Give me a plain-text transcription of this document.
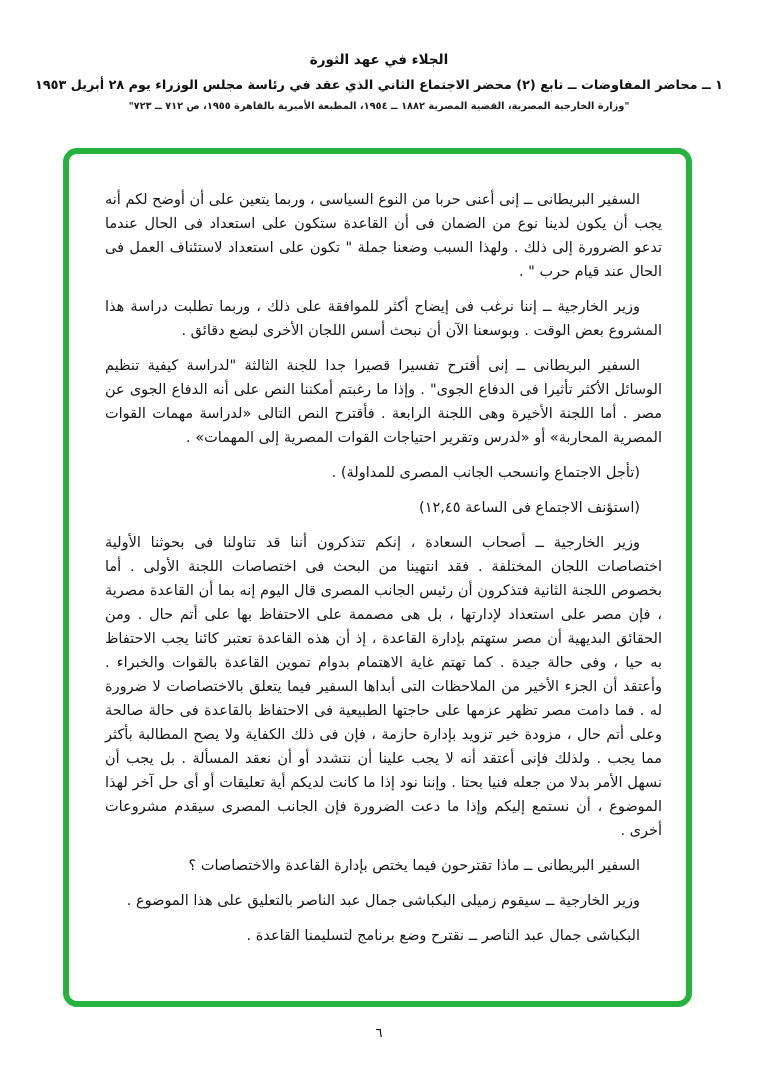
الجلاء في عهد الثورة
١ ــ محاضر المفاوضات ــ تابع (٢) محضر الاجتماع الثاني الذي عقد في رئاسة مجلس الوزراء يوم ٢٨ أبريل ١٩٥٣
"وزارة الخارجية المصرية، القضية المصرية ١٨٨٢ ــ ١٩٥٤، المطبعة الأميرية بالقاهرة ١٩٥٥، ص ٧١٢ ــ ٧٢٣"

السفير البريطانى ــ إنى أعنى حربا من النوع السياسى ، وربما يتعين على أن أوضح لكم أنه يجب أن يكون لدينا نوع من الضمان فى أن القاعدة ستكون على استعداد فى الحال عندما تدعو الضرورة إلى ذلك . ولهذا السبب وضعنا جملة " تكون على استعداد لاستئناف العمل فى الحال عند قيام حرب " .

وزير الخارجية ــ إننا نرغب فى إيضاح أكثر للموافقة على ذلك ، وربما تطلبت دراسة هذا المشروع بعض الوقت . وبوسعنا الآن أن نبحث أسس اللجان الأخرى لبضع دقائق .

السفير البريطانى ــ إنى أقترح تفسيرا قصيرا جدا للجنة الثالثة "لدراسة كيفية تنظيم الوسائل الأكثر تأثيرا فى الدفاع الجوى" . وإذا ما رغبتم أمكننا النص على أنه الدفاع الجوى عن مصر . أما اللجنة الأخيرة وهى اللجنة الرابعة . فأقترح النص التالى «لدراسة مهمات القوات المصرية المحاربة» أو «لدرس وتقرير احتياجات القوات المصرية إلى المهمات» .

(تأجل الاجتماع وانسحب الجانب المصرى للمداولة) .

(استؤنف الاجتماع فى الساعة ١٢,٤٥)

وزير الخارجية ــ أصحاب السعادة ، إنكم تتذكرون أننا قد تناولنا فى بحوثنا الأولية اختصاصات اللجان المختلفة . فقد انتهينا من البحث فى اختصاصات اللجنة الأولى . أما بخصوص اللجنة الثانية فتذكرون أن رئيس الجانب المصرى قال اليوم إنه بما أن القاعدة مصرية ، فإن مصر على استعداد لإدارتها ، بل هى مصممة على الاحتفاظ بها على أتم حال . ومن الحقائق البديهية أن مصر ستهتم بإدارة القاعدة ، إذ أن هذه القاعدة تعتبر كائنا يجب الاحتفاظ به حيا ، وفى حالة جيدة . كما تهتم غاية الاهتمام بدوام تموين القاعدة بالقوات والخبراء . وأعتقد أن الجزء الأخير من الملاحظات التى أبداها السفير فيما يتعلق بالاختصاصات لا ضرورة له . فما دامت مصر تظهر عزمها على حاجتها الطبيعية فى الاحتفاظ بالقاعدة فى حالة صالحة وعلى أتم حال ، مزودة خير تزويد بإدارة حازمة ، فإن فى ذلك الكفاية ولا يصح المطالبة بأكثر مما يجب . ولذلك فإنى أعتقد أنه لا يجب علينا أن نتشدد أو أن نعقد المسألة . بل يجب أن نسهل الأمر بدلا من جعله فنيا بحتا . وإننا نود إذا ما كانت لديكم أية تعليقات أو أى حل آخر لهذا الموضوع ، أن نستمع إليكم وإذا ما دعت الضرورة فإن الجانب المصرى سيقدم مشروعات أخرى .

السفير البريطانى ــ ماذا تقترحون فيما يختص بإدارة القاعدة والاختصاصات ؟

وزير الخارجية ــ سيقوم زميلى البكباشى جمال عبد الناصر بالتعليق على هذا الموضوع .

البكباشى جمال عبد الناصر ــ نقترح وضع برنامج لتسليمنا القاعدة .

٦
